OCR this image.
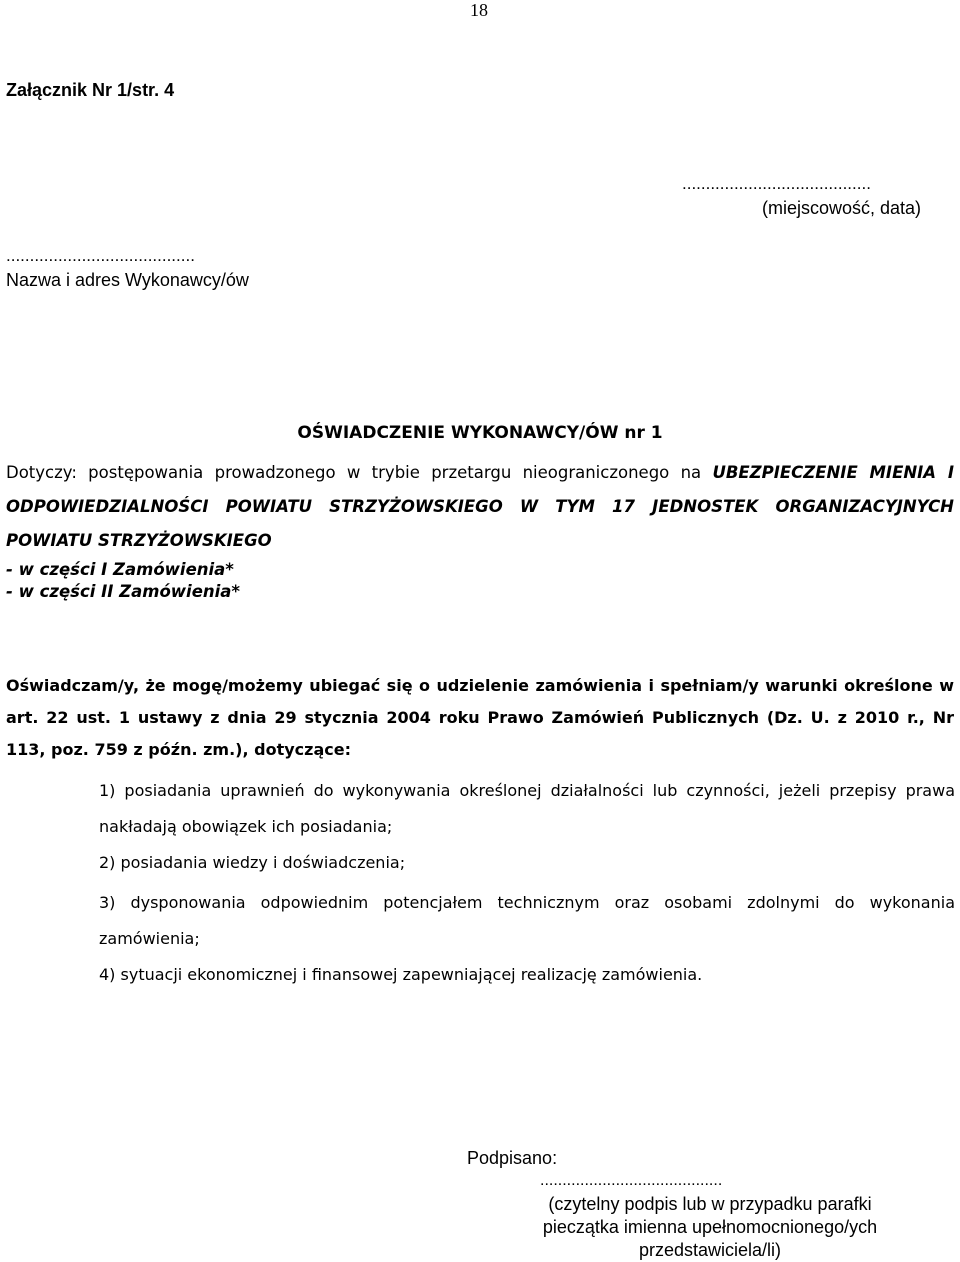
18
Załącznik Nr 1/str. 4
........................................
(miejscowość, data)
........................................
Nazwa i adres Wykonawcy/ów
OŚWIADCZENIE WYKONAWCY/ÓW nr 1
Dotyczy: postępowania prowadzonego w trybie przetargu nieograniczonego na UBEZPIECZENIE MIENIA I ODPOWIEDZIALNOŚCI POWIATU STRZYŻOWSKIEGO W TYM 17 JEDNOSTEK ORGANIZACYJNYCH POWIATU STRZYŻOWSKIEGO
- w części I Zamówienia*
- w części II Zamówienia*
Oświadczam/y, że mogę/możemy ubiegać się o udzielenie zamówienia i spełniam/y warunki określone w art. 22 ust. 1 ustawy z dnia 29 stycznia 2004 roku Prawo Zamówień Publicznych (Dz. U. z 2010 r., Nr 113, poz. 759 z późn. zm.), dotyczące:
1) posiadania uprawnień do wykonywania określonej działalności lub czynności, jeżeli przepisy prawa nakładają obowiązek ich posiadania;
2) posiadania wiedzy i doświadczenia;
3) dysponowania odpowiednim potencjałem technicznym oraz osobami zdolnymi do wykonania zamówienia;
4) sytuacji ekonomicznej i finansowej zapewniającej realizację zamówienia.
Podpisano:
.........................................
(czytelny podpis lub w przypadku parafki pieczątka imienna upełnomocnionego/ych przedstawiciela/li)
